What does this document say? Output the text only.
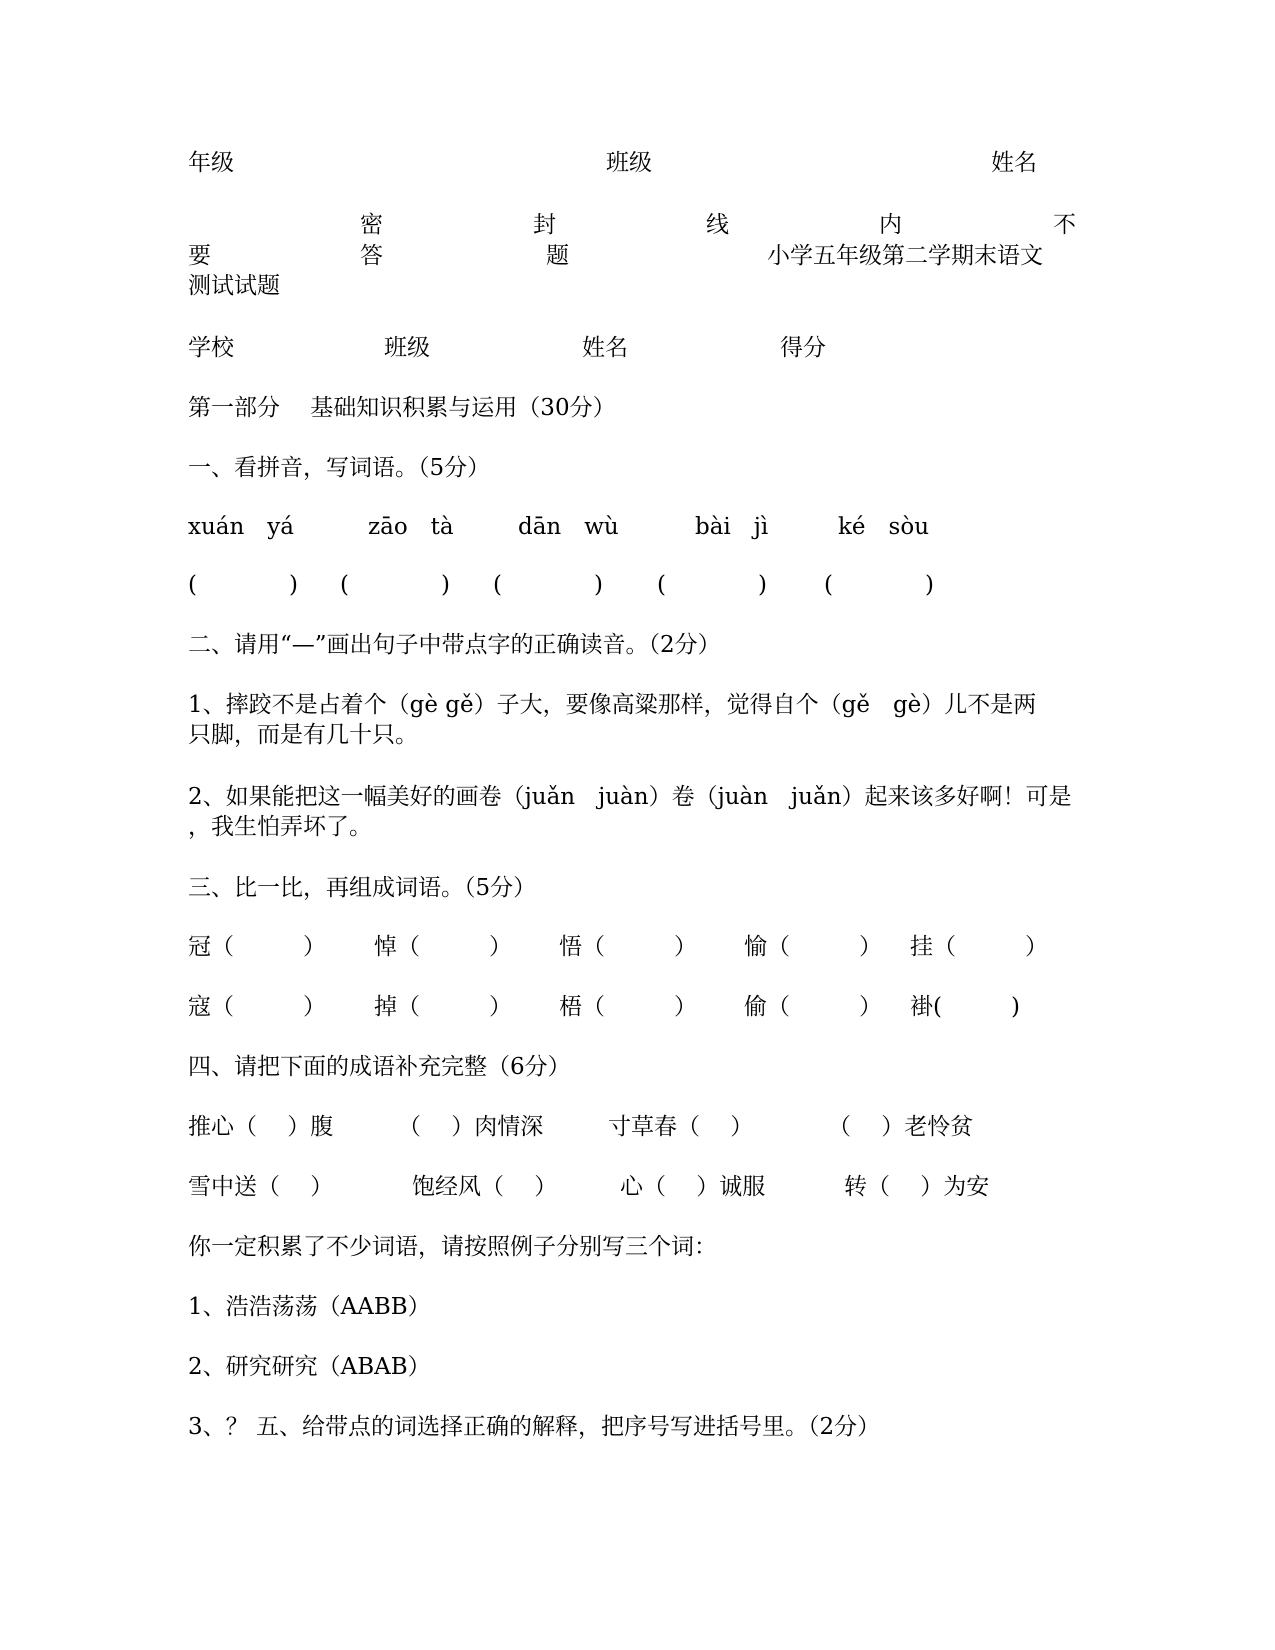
年级	班级	姓名
密	封	线	内	不
要	答	题	小学五年级第二学期末语文
测试试题
学校	班级	姓名	得分
第一部分　 基础知识积累与运用（30分）
一、看拼音，写词语。（5分）
xuán　yá	zāo　tà	dān　wù	bài　jì	ké　sòu
(　　　　) (　　　　) (　　　　) (　　　　) (　　　　)
二、请用“—”画出句子中带点字的正确读音。（2分）
1、摔跤不是占着个（gè gě）子大，要像高粱那样，觉得自个（gě　gè）儿不是两
只脚，而是有几十只。
2、如果能把这一幅美好的画卷（juǎn　juàn）卷（juàn　juǎn）起来该多好啊！可是
，我生怕弄坏了。
三、比一比，再组成词语。（5分）
冠（　　　） 悼（　　　） 悟（　　　） 愉（　　　） 挂（　　　）
寇（　　　） 掉（　　　） 梧（　　　） 偷（　　　） 褂(　　　)
四、请把下面的成语补充完整（6分）
推心（　 ）腹	（　 ）肉情深	寸草春（　 ）	（　 ）老怜贫
雪中送（　 ）	饱经风（　 ）	心（　 ）诚服	转（　 ）为安
你一定积累了不少词语，请按照例子分别写三个词：
1、浩浩荡荡（AABB）
2、研究研究（ABAB）
3、？ 五、给带点的词选择正确的解释，把序号写进括号里。（2分）
